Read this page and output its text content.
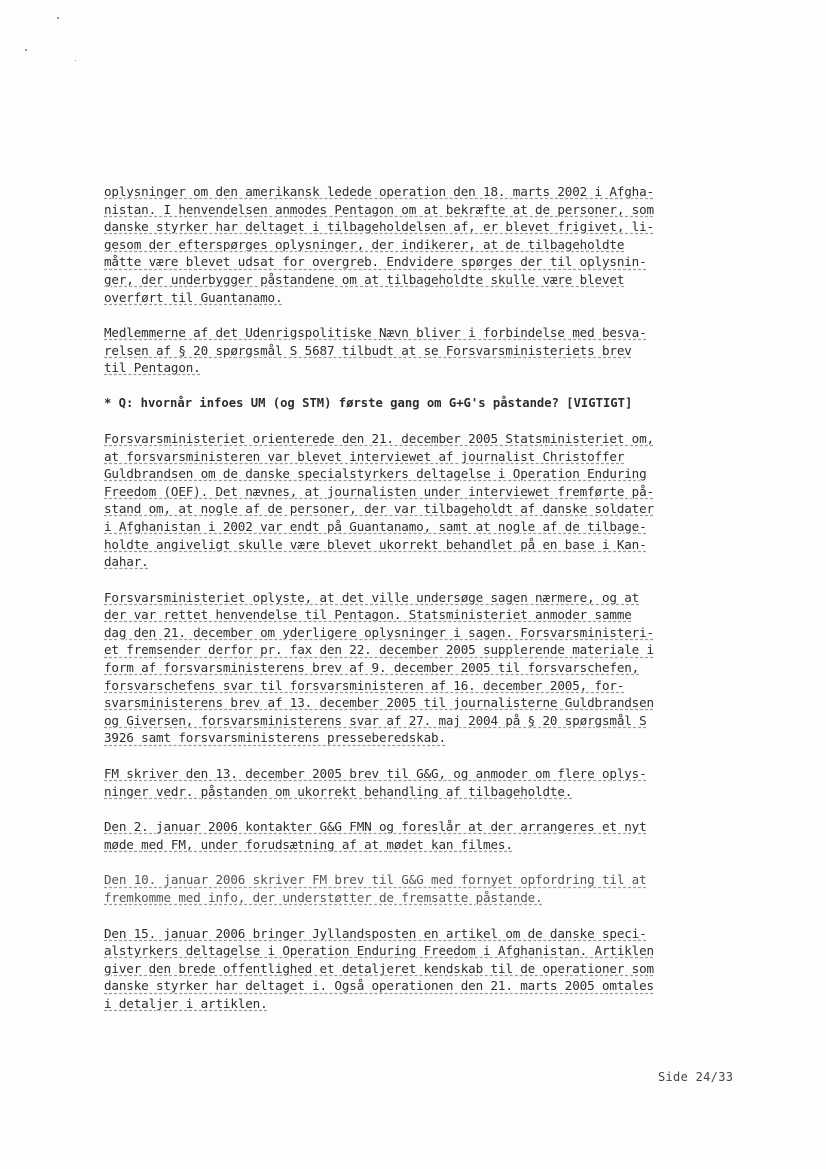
oplysninger om den amerikansk ledede operation den 18. marts 2002 i Afgha-
nistan. I henvendelsen anmodes Pentagon om at bekræfte at de personer, som
danske styrker har deltaget i tilbageholdelsen af, er blevet frigivet, li-
gesom der efterspørges oplysninger, der indikerer, at de tilbageholdte
måtte være blevet udsat for overgreb. Endvidere spørges der til oplysnin-
ger, der underbygger påstandene om at tilbageholdte skulle være blevet
overført til Guantanamo.
Medlemmerne af det Udenrigspolitiske Nævn bliver i forbindelse med besva-
relsen af § 20 spørgsmål S 5687 tilbudt at se Forsvarsministeriets brev
til Pentagon.
* Q: hvornår infoes UM (og STM) første gang om G+G's påstande? [VIGTIGT]
Forsvarsministeriet orienterede den 21. december 2005 Statsministeriet om,
at forsvarsministeren var blevet interviewet af journalist Christoffer
Guldbrandsen om de danske specialstyrkers deltagelse i Operation Enduring
Freedom (OEF). Det nævnes, at journalisten under interviewet fremførte på-
stand om, at nogle af de personer, der var tilbageholdt af danske soldater
i Afghanistan i 2002 var endt på Guantanamo, samt at nogle af de tilbage-
holdte angiveligt skulle være blevet ukorrekt behandlet på en base i Kan-
dahar.
Forsvarsministeriet oplyste, at det ville undersøge sagen nærmere, og at
der var rettet henvendelse til Pentagon. Statsministeriet anmoder samme
dag den 21. december om yderligere oplysninger i sagen. Forsvarsministeri-
et fremsender derfor pr. fax den 22. december 2005 supplerende materiale i
form af forsvarsministerens brev af 9. december 2005 til forsvarschefen,
forsvarschefens svar til forsvarsministeren af 16. december 2005, for-
svarsministerens brev af 13. december 2005 til journalisterne Guldbrandsen
og Giversen, forsvarsministerens svar af 27. maj 2004 på § 20 spørgsmål S
3926 samt forsvarsministerens presseberedskab.
FM skriver den 13. december 2005 brev til G&G, og anmoder om flere oplys-
ninger vedr. påstanden om ukorrekt behandling af tilbageholdte.
Den 2. januar 2006 kontakter G&G FMN og foreslår at der arrangeres et nyt
møde med FM, under forudsætning af at mødet kan filmes.
Den 10. januar 2006 skriver FM brev til G&G med fornyet opfordring til at
fremkomme med info, der understøtter de fremsatte påstande.
Den 15. januar 2006 bringer Jyllandsposten en artikel om de danske speci-
alstyrkers deltagelse i Operation Enduring Freedom i Afghanistan. Artiklen
giver den brede offentlighed et detaljeret kendskab til de operationer som
danske styrker har deltaget i. Også operationen den 21. marts 2005 omtales
i detaljer i artiklen.
Side 24/33
